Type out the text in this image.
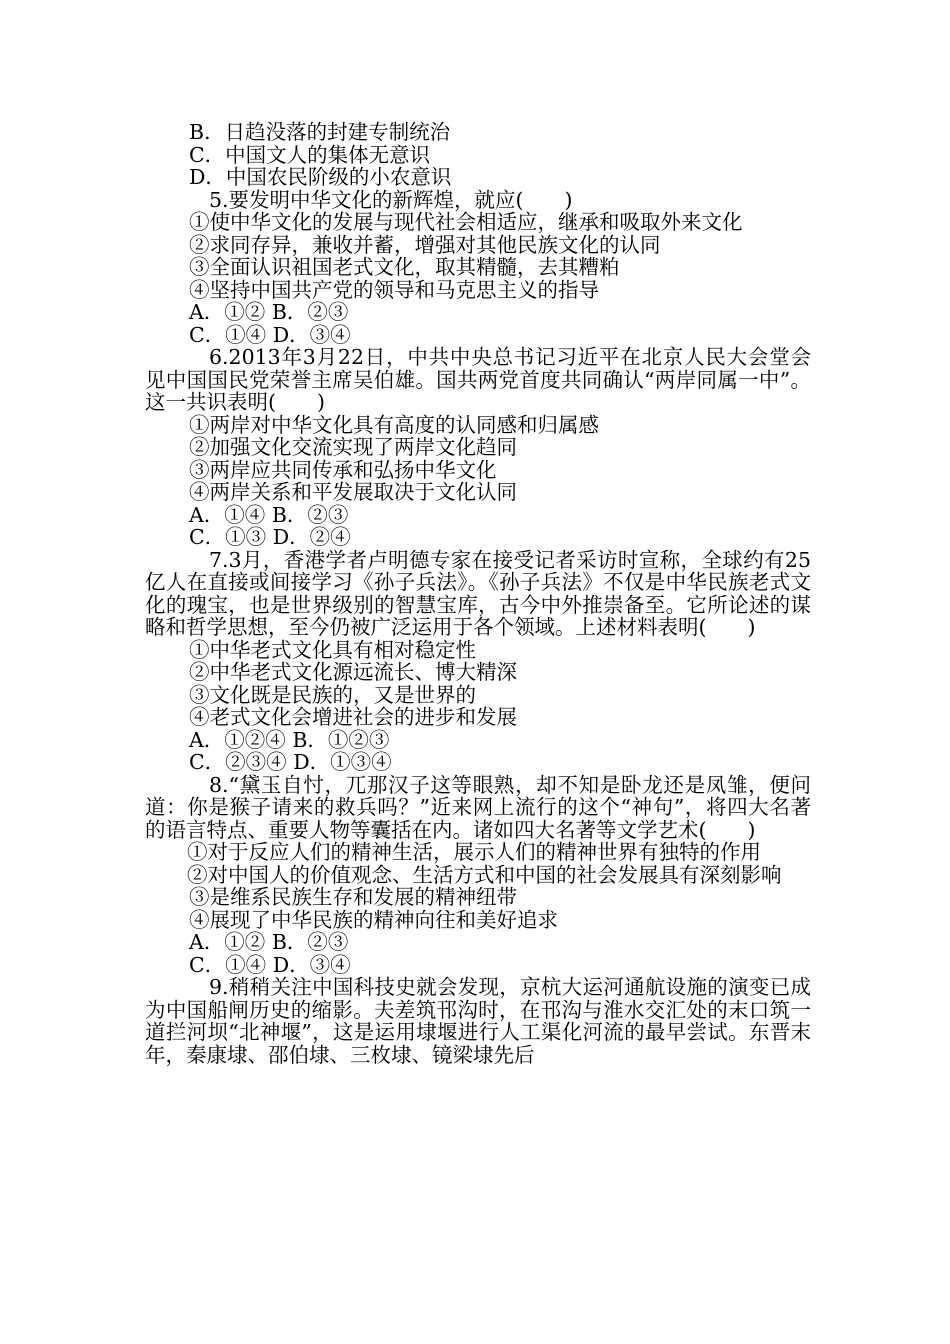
B．日趋没落的封建专制统治
C．中国文人的集体无意识
D．中国农民阶级的小农意识
5.要发明中华文化的新辉煌，就应(　　)
①使中华文化的发展与现代社会相适应，继承和吸取外来文化
②求同存异，兼收并蓄，增强对其他民族文化的认同
③全面认识祖国老式文化，取其精髓，去其糟粕
④坚持中国共产党的领导和马克思主义的指导
A．①② B．②③
C．①④ D．③④
6.2013年3月22日，中共中央总书记习近平在北京人民大会堂会见中国国民党荣誉主席吴伯雄。国共两党首度共同确认“两岸同属一中”。这一共识表明(　　)
①两岸对中华文化具有高度的认同感和归属感
②加强文化交流实现了两岸文化趋同
③两岸应共同传承和弘扬中华文化
④两岸关系和平发展取决于文化认同
A．①④ B．②③
C．①③ D．②④
7.3月，香港学者卢明德专家在接受记者采访时宣称，全球约有25亿人在直接或间接学习《孙子兵法》。《孙子兵法》不仅是中华民族老式文化的瑰宝，也是世界级别的智慧宝库，古今中外推崇备至。它所论述的谋略和哲学思想，至今仍被广泛运用于各个领域。上述材料表明(　　)
①中华老式文化具有相对稳定性
②中华老式文化源远流长、博大精深
③文化既是民族的，又是世界的
④老式文化会增进社会的进步和发展
A．①②④ B．①②③
C．②③④ D．①③④
8.“黛玉自忖，兀那汉子这等眼熟，却不知是卧龙还是凤雏，便问道：你是猴子请来的救兵吗？”近来网上流行的这个“神句”，将四大名著的语言特点、重要人物等囊括在内。诸如四大名著等文学艺术(　　)
①对于反应人们的精神生活，展示人们的精神世界有独特的作用
②对中国人的价值观念、生活方式和中国的社会发展具有深刻影响
③是维系民族生存和发展的精神纽带
④展现了中华民族的精神向往和美好追求
A．①② B．②③
C．①④ D．③④
9.稍稍关注中国科技史就会发现，京杭大运河通航设施的演变已成为中国船闸历史的缩影。夫差筑邗沟时，在邗沟与淮水交汇处的末口筑一道拦河坝“北神堰”，这是运用埭堰进行人工渠化河流的最早尝试。东晋末年，秦康埭、邵伯埭、三枚埭、镜梁埭先后
